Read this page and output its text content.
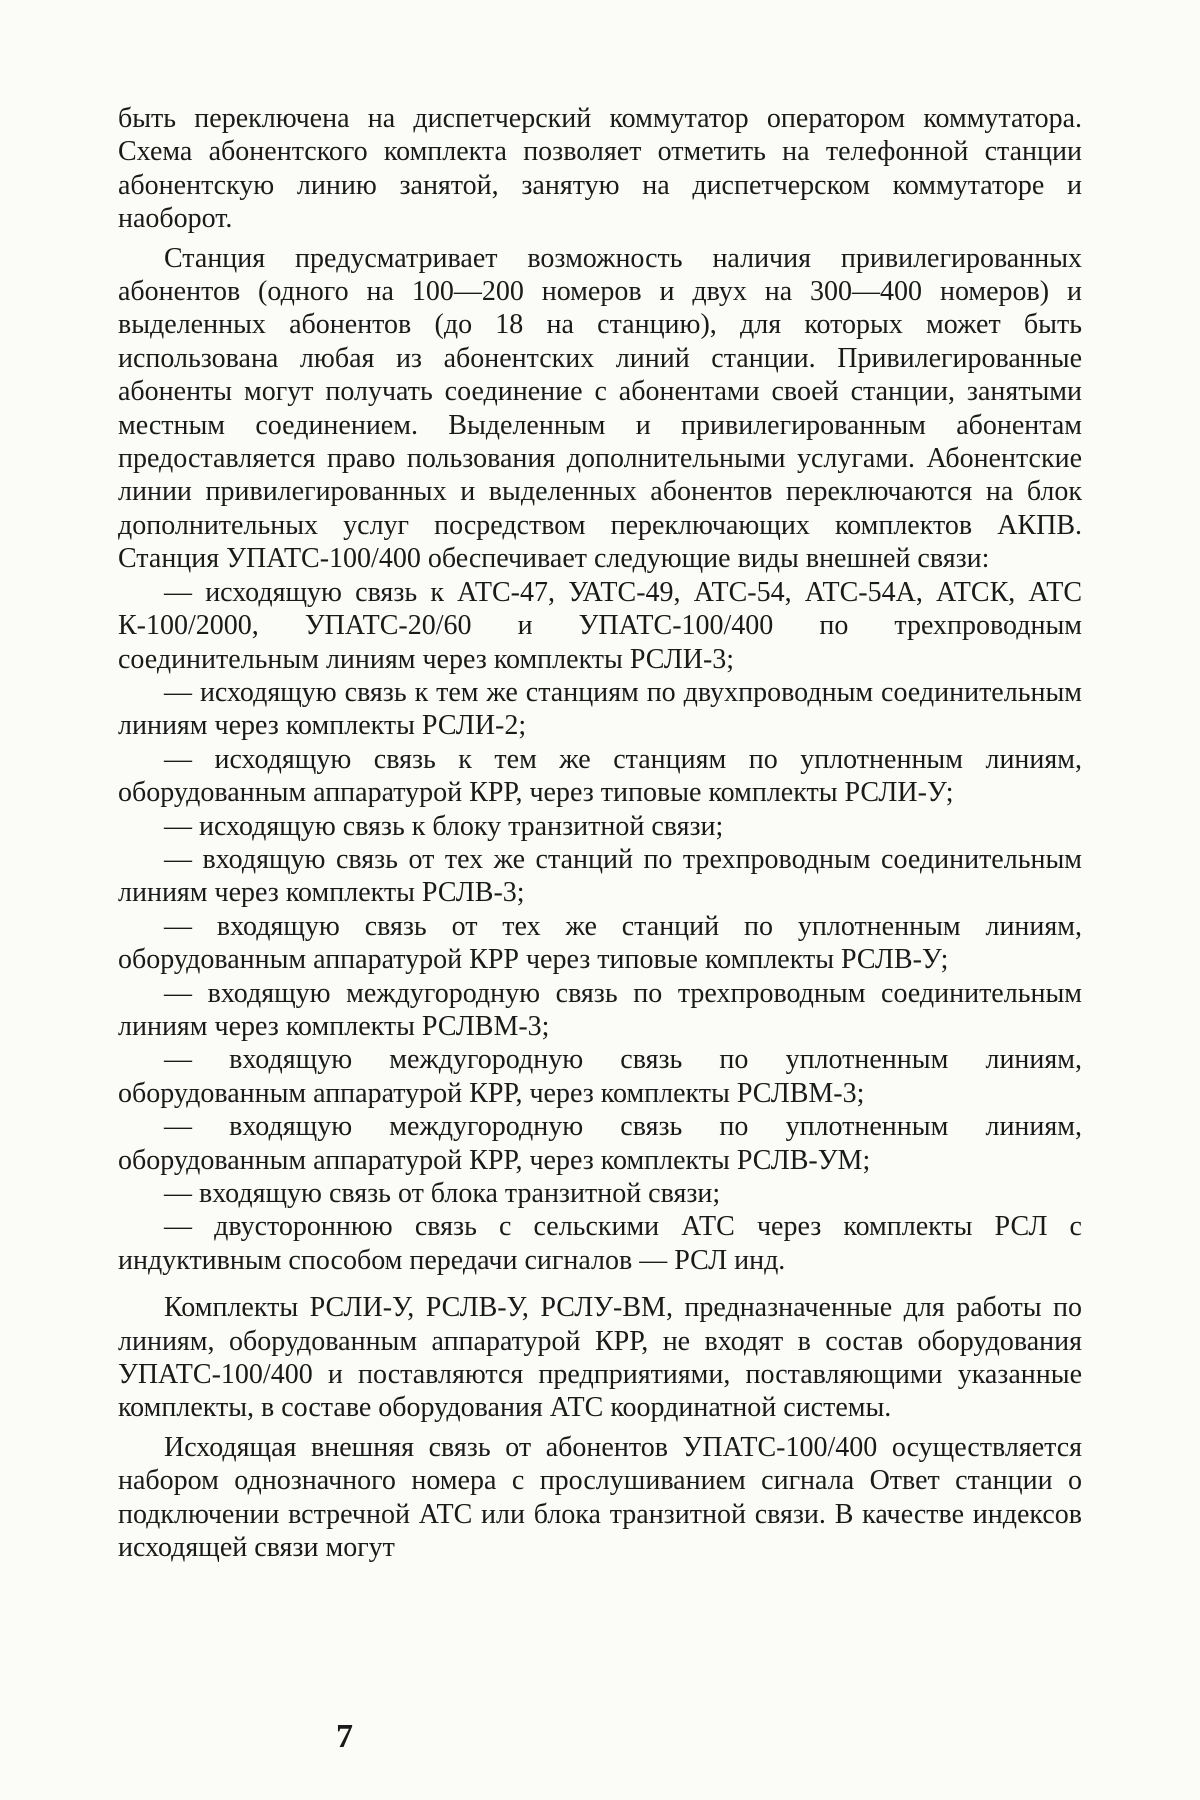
быть переключена на диспетчерский коммутатор оператором коммутатора. Схема абонентского комплекта позволяет отметить на телефонной станции абонентскую линию занятой, занятую на диспетчерском коммутаторе и наоборот.

Станция предусматривает возможность наличия привилегированных абонентов (одного на 100—200 номеров и двух на 300—400 номеров) и выделенных абонентов (до 18 на станцию), для которых может быть использована любая из абонентских линий станции. Привилегированные абоненты могут получать соединение с абонентами своей станции, занятыми местным соединением. Выделенным и привилегированным абонентам предоставляется право пользования дополнительными услугами. Абонентские линии привилегированных и выделенных абонентов переключаются на блок дополнительных услуг посредством переключающих комплектов АКПВ. Станция УПАТС-100/400 обеспечивает следующие виды внешней связи:

— исходящую связь к АТС-47, УАТС-49, АТС-54, АТС-54А, АТСК, АТС К-100/2000, УПАТС-20/60 и УПАТС-100/400 по трехпроводным соединительным линиям через комплекты РСЛИ-3;

— исходящую связь к тем же станциям по двухпроводным соединительным линиям через комплекты РСЛИ-2;

— исходящую связь к тем же станциям по уплотненным линиям, оборудованным аппаратурой КРР, через типовые комплекты РСЛИ-У;

— исходящую связь к блоку транзитной связи;

— входящую связь от тех же станций по трехпроводным соединительным линиям через комплекты РСЛВ-3;

— входящую связь от тех же станций по уплотненным линиям, оборудованным аппаратурой КРР через типовые комплекты РСЛВ-У;

— входящую междугородную связь по трехпроводным соединительным линиям через комплекты РСЛВМ-3;

— входящую междугородную связь по уплотненным линиям, оборудованным аппаратурой КРР, через комплекты РСЛВМ-3;

— входящую междугородную связь по уплотненным линиям, оборудованным аппаратурой КРР, через комплекты РСЛВ-УМ;

— входящую связь от блока транзитной связи;

— двустороннюю связь с сельскими АТС через комплекты РСЛ с индуктивным способом передачи сигналов — РСЛ инд.

Комплекты РСЛИ-У, РСЛВ-У, РСЛУ-ВМ, предназначенные для работы по линиям, оборудованным аппаратурой КРР, не входят в состав оборудования УПАТС-100/400 и поставляются предприятиями, поставляющими указанные комплекты, в составе оборудования АТС координатной системы.

Исходящая внешняя связь от абонентов УПАТС-100/400 осуществляется набором однозначного номера с прослушиванием сигнала Ответ станции о подключении встречной АТС или блока транзитной связи. В качестве индексов исходящей связи могут

7
